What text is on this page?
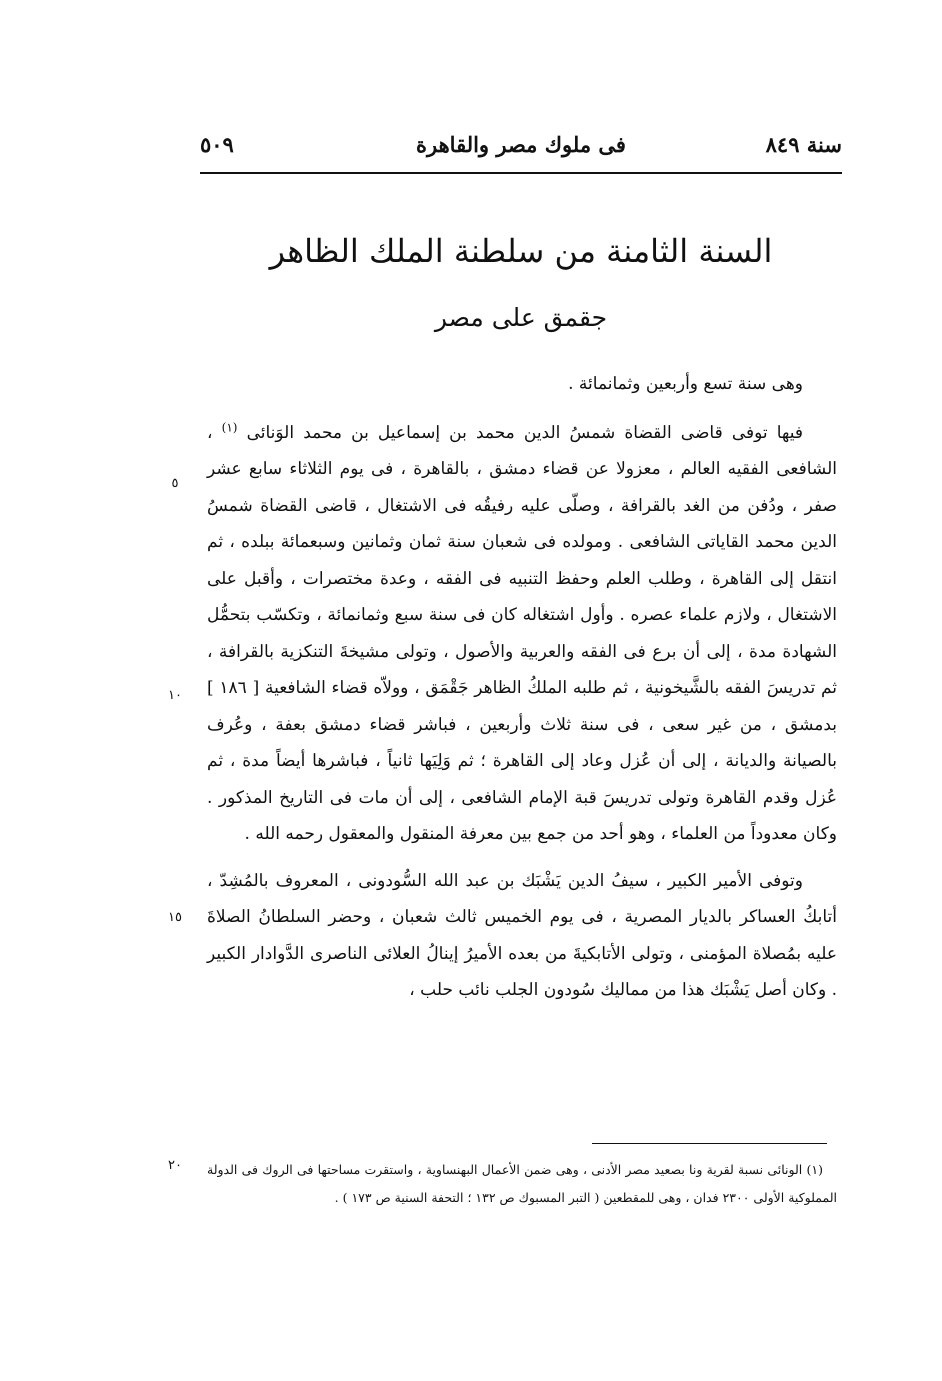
سنة ٨٤٩
فى ملوك مصر والقاهرة
٥٠٩
السنة الثامنة من سلطنة الملك الظاهر
جقمق على مصر

وهى سنة تسع وأربعين وثمانمائة .

فيها توفى قاضى القضاة شمسُ الدين محمد بن إسماعيل بن محمد الوَنائى $^{(١)}$ ، الشافعى الفقيه العالم ، معزولا عن قضاء دمشق ، بالقاهرة ، فى يوم الثلاثاء سابع عشر صفر ، ودُفن من الغد بالقرافة ، وصلّى عليه رفيقُه فى الاشتغال ، قاضى القضاة شمسُ الدين محمد القاياتى الشافعى . ومولده فى شعبان سنة ثمان وثمانين وسبعمائة ببلده ، ثم انتقل إلى القاهرة ، وطلب العلم وحفظ التنبيه فى الفقه ، وعدة مختصرات ، وأقبل على الاشتغال ، ولازم علماء عصره . وأول اشتغاله كان فى سنة سبع وثمانمائة ، وتكسّب بتحمُّل الشهادة مدة ، إلى أن برع فى الفقه والعربية والأصول ، وتولى مشيخةَ التنكزية بالقرافة ، ثم تدريسَ الفقه بالشَّيخونية ، ثم طلبه الملكُ الظاهر جَقْمَق ، وولاّه قضاء الشافعية [ ١٨٦ ] بدمشق ، من غير سعى ، فى سنة ثلاث وأربعين ، فباشر قضاء دمشق بعفة ، وعُرف بالصيانة والديانة ، إلى أن عُزل وعاد إلى القاهرة ؛ ثم وَلِيَها ثانياً ، فباشرها أيضاً مدة ، ثم عُزل وقدم القاهرة وتولى تدريسَ قبة الإمام الشافعى ، إلى أن مات فى التاريخ المذكور . وكان معدوداً من العلماء ، وهو أحد من جمع بين معرفة المنقول والمعقول رحمه الله .

وتوفى الأمير الكبير ، سيفُ الدين يَشْبَك بن عبد الله السُّودونى ، المعروف بالمُشِدّ ، أتابكُ العساكر بالديار المصرية ، فى يوم الخميس ثالث شعبان ، وحضر السلطانُ الصلاةَ عليه بمُصلاة المؤمنى ، وتولى الأتابكيةَ من بعده الأميرُ إينالُ العلائى الناصرى الدَّوادار الكبير . وكان أصل يَشْبَك هذا من مماليك سُودون الجلب نائب حلب ،

٥
١٠
١٥
٢٠	(١) الونائى نسبة لقرية ونا بصعيد مصر الأدنى ، وهى ضمن الأعمال البهنساوية ، واستقرت مساحتها فى الروك فى الدولة المملوكية الأولى ٢٣٠٠ فدان ، وهى للمقطعين ( التبر المسبوك ص ١٣٢ ؛ التحفة السنية ص ١٧٣ ) .
